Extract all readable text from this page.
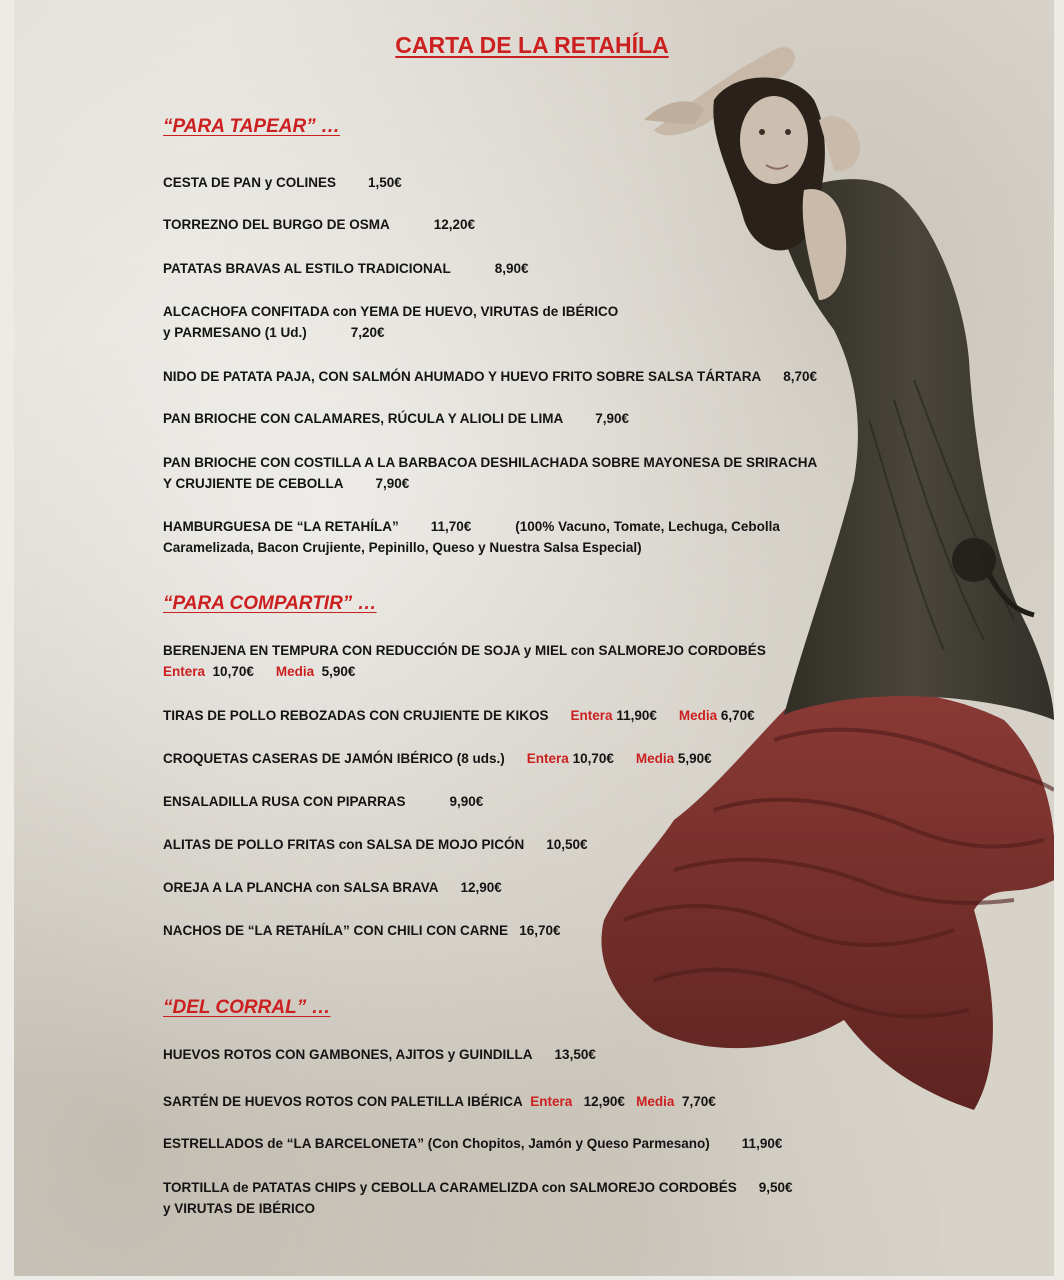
CARTA DE LA RETAHÍLA
“PARA TAPEAR” …
CESTA DE PAN y COLINES 1,50€
TORREZNO DEL BURGO DE OSMA	12,20€
PATATAS BRAVAS AL ESTILO TRADICIONAL	8,90€
ALCACHOFA CONFITADA con YEMA DE HUEVO, VIRUTAS de IBÉRICO
y PARMESANO (1 Ud.)	7,20€
NIDO DE PATATA PAJA, CON SALMÓN AHUMADO Y HUEVO FRITO SOBRE SALSA TÁRTARA 8,70€
PAN BRIOCHE CON CALAMARES, RÚCULA Y ALIOLI DE LIMA 7,90€
PAN BRIOCHE CON COSTILLA A LA BARBACOA DESHILACHADA SOBRE MAYONESA DE SRIRACHA
Y CRUJIENTE DE CEBOLLA 7,90€
HAMBURGUESA DE “LA RETAHÍLA” 11,70€	(100% Vacuno, Tomate, Lechuga, Cebolla
Caramelizada, Bacon Crujiente, Pepinillo, Queso y Nuestra Salsa Especial)
“PARA COMPARTIR” …
BERENJENA EN TEMPURA CON REDUCCIÓN DE SOJA y MIEL con SALMOREJO CORDOBÉS
Entera 10,70€ Media 5,90€
TIRAS DE POLLO REBOZADAS CON CRUJIENTE DE KIKOS Entera 11,90€ Media 6,70€
CROQUETAS CASERAS DE JAMÓN IBÉRICO (8 uds.) Entera 10,70€ Media 5,90€
ENSALADILLA RUSA CON PIPARRAS	9,90€
ALITAS DE POLLO FRITAS con SALSA DE MOJO PICÓN 10,50€
OREJA A LA PLANCHA con SALSA BRAVA 12,90€
NACHOS DE “LA RETAHÍLA” CON CHILI CON CARNE 16,70€
“DEL CORRAL” …
HUEVOS ROTOS CON GAMBONES, AJITOS y GUINDILLA 13,50€
SARTÉN DE HUEVOS ROTOS CON PALETILLA IBÉRICA Entera 12,90€ Media 7,70€
ESTRELLADOS de “LA BARCELONETA” (Con Chopitos, Jamón y Queso Parmesano) 11,90€
TORTILLA de PATATAS CHIPS y CEBOLLA CARAMELIZDA con SALMOREJO CORDOBÉS 9,50€
y VIRUTAS DE IBÉRICO
